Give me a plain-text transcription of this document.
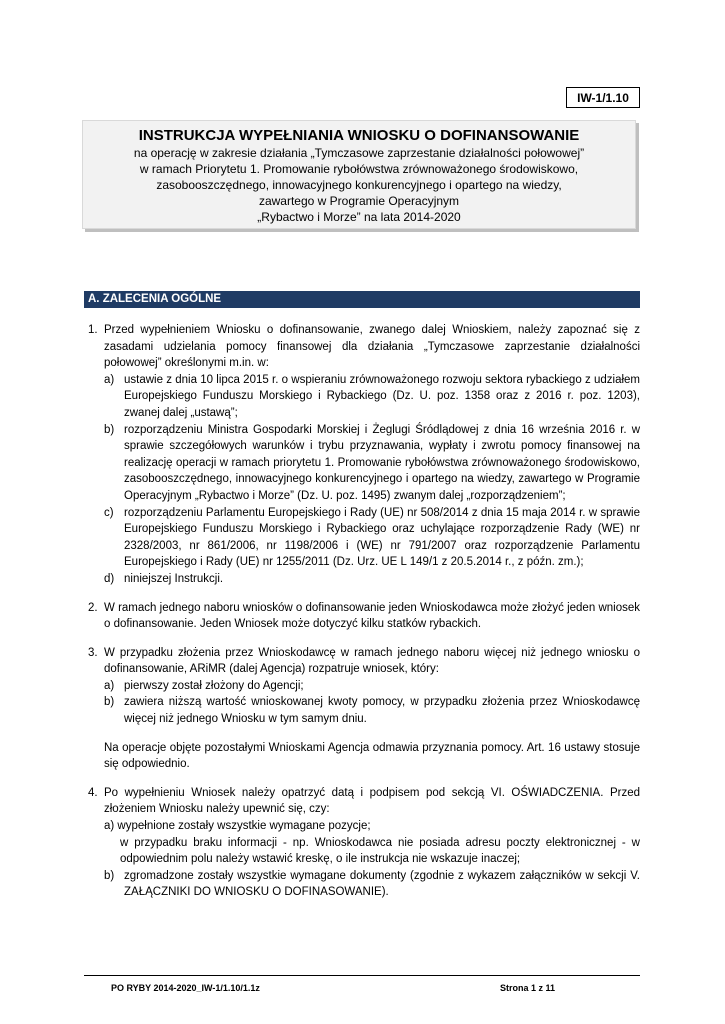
IW-1/1.10
INSTRUKCJA WYPEŁNIANIA WNIOSKU O DOFINANSOWANIE
na operację w zakresie działania „Tymczasowe zaprzestanie działalności połowowej”
w ramach Priorytetu 1. Promowanie rybołówstwa zrównoważonego środowiskowo,
zasobooszczędnego, innowacyjnego konkurencyjnego i opartego na wiedzy,
zawartego w Programie Operacyjnym
„Rybactwo i Morze” na lata 2014-2020
A. ZALECENIA OGÓLNE
1. Przed wypełnieniem Wniosku o dofinansowanie, zwanego dalej Wnioskiem, należy zapoznać się z zasadami udzielania pomocy finansowej dla działania „Tymczasowe zaprzestanie działalności połowowej” określonymi m.in. w:
a) ustawie z dnia 10 lipca 2015 r. o wspieraniu zrównoważonego rozwoju sektora rybackiego z udziałem Europejskiego Funduszu Morskiego i Rybackiego (Dz. U. poz. 1358 oraz z 2016 r. poz. 1203), zwanej dalej „ustawą”;
b) rozporządzeniu Ministra Gospodarki Morskiej i Żeglugi Śródlądowej z dnia 16 września 2016 r. w sprawie szczegółowych warunków i trybu przyznawania, wypłaty i zwrotu pomocy finansowej na realizację operacji w ramach priorytetu 1. Promowanie rybołówstwa zrównoważonego środowiskowo, zasobooszczędnego, innowacyjnego konkurencyjnego i opartego na wiedzy, zawartego w Programie Operacyjnym „Rybactwo i Morze” (Dz. U. poz. 1495) zwanym dalej „rozporządzeniem”;
c) rozporządzeniu Parlamentu Europejskiego i Rady (UE) nr 508/2014 z dnia 15 maja 2014 r. w sprawie Europejskiego Funduszu Morskiego i Rybackiego oraz uchylające rozporządzenie Rady (WE) nr 2328/2003, nr 861/2006, nr 1198/2006 i (WE) nr 791/2007 oraz rozporządzenie Parlamentu Europejskiego i Rady (UE) nr 1255/2011 (Dz. Urz. UE L 149/1 z 20.5.2014 r., z późn. zm.);
d) niniejszej Instrukcji.
2. W ramach jednego naboru wniosków o dofinansowanie jeden Wnioskodawca może złożyć jeden wniosek o dofinansowanie. Jeden Wniosek może dotyczyć kilku statków rybackich.
3. W przypadku złożenia przez Wnioskodawcę w ramach jednego naboru więcej niż jednego wniosku o dofinansowanie, ARiMR (dalej Agencja) rozpatruje wniosek, który:
a) pierwszy został złożony do Agencji;
b) zawiera niższą wartość wnioskowanej kwoty pomocy, w przypadku złożenia przez Wnioskodawcę więcej niż jednego Wniosku w tym samym dniu.
Na operacje objęte pozostałymi Wnioskami Agencja odmawia przyznania pomocy. Art. 16 ustawy stosuje się odpowiednio.
4. Po wypełnieniu Wniosek należy opatrzyć datą i podpisem pod sekcją VI. OŚWIADCZENIA. Przed złożeniem Wniosku należy upewnić się, czy:
a) wypełnione zostały wszystkie wymagane pozycje;
w przypadku braku informacji - np. Wnioskodawca nie posiada adresu poczty elektronicznej - w odpowiednim polu należy wstawić kreskę, o ile instrukcja nie wskazuje inaczej;
b) zgromadzone zostały wszystkie wymagane dokumenty (zgodnie z wykazem załączników w sekcji V. ZAŁĄCZNIKI DO WNIOSKU O DOFINASOWANIE).
PO RYBY 2014-2020_IW-1/1.10/1.1z	Strona 1 z 11
